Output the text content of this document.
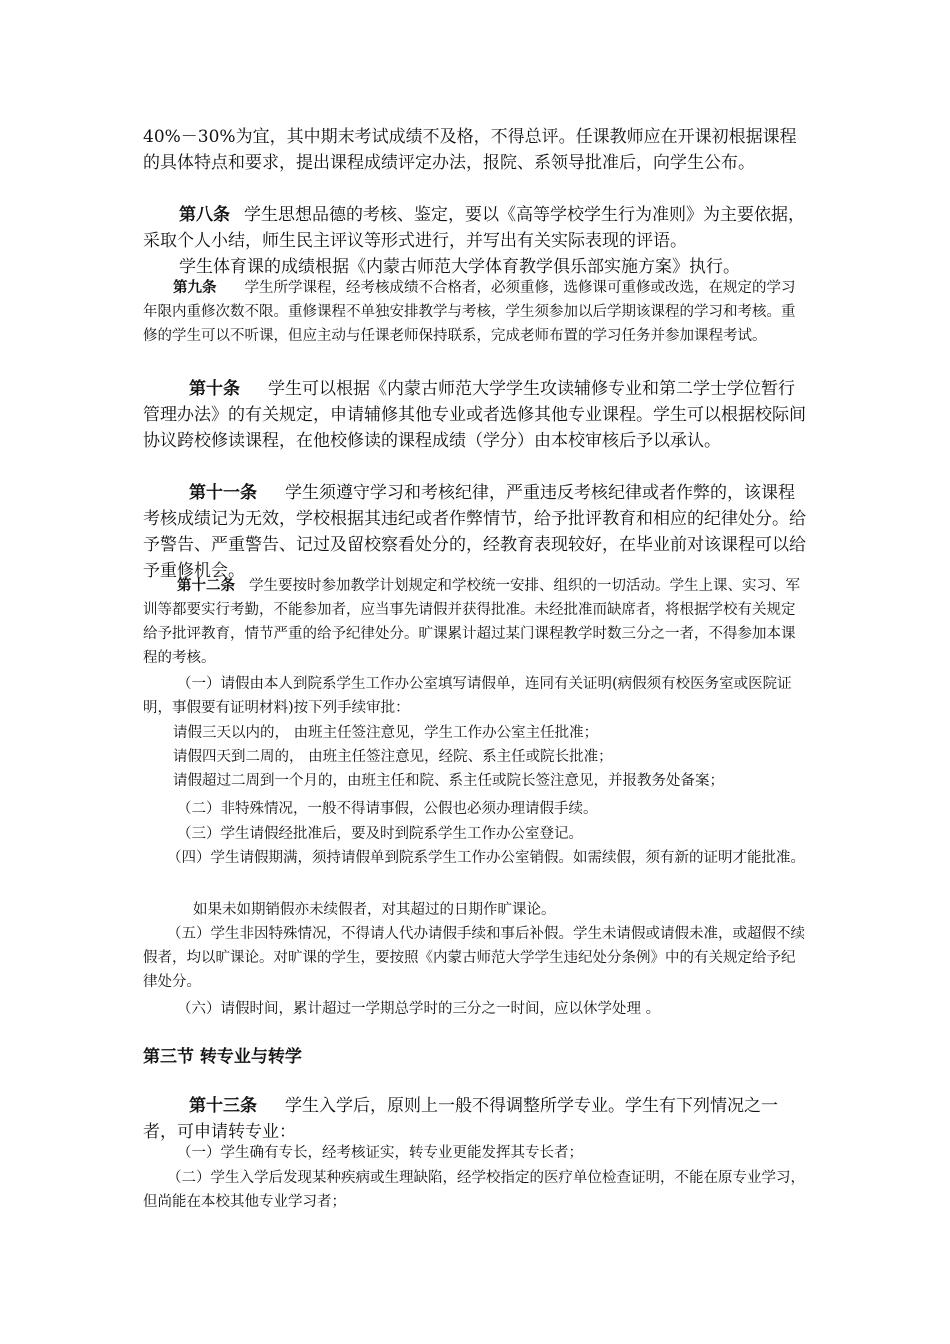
40%－30%为宜，其中期末考试成绩不及格，不得总评。任课教师应在开课初根据课程的具体特点和要求，提出课程成绩评定办法，报院、系领导批准后，向学生公布。

第八条 学生思想品德的考核、鉴定，要以《高等学校学生行为准则》为主要依据，采取个人小结，师生民主评议等形式进行，并写出有关实际表现的评语。

学生体育课的成绩根据《内蒙古师范大学体育教学俱乐部实施方案》执行。

第九条 学生所学课程，经考核成绩不合格者，必须重修，选修课可重修或改选，在规定的学习年限内重修次数不限。重修课程不单独安排教学与考核，学生须参加以后学期该课程的学习和考核。重修的学生可以不听课，但应主动与任课老师保持联系，完成老师布置的学习任务并参加课程考试。

第十条 学生可以根据《内蒙古师范大学学生攻读辅修专业和第二学士学位暂行管理办法》的有关规定，申请辅修其他专业或者选修其他专业课程。学生可以根据校际间协议跨校修读课程，在他校修读的课程成绩（学分）由本校审核后予以承认。

第十一条 学生须遵守学习和考核纪律，严重违反考核纪律或者作弊的，该课程考核成绩记为无效，学校根据其违纪或者作弊情节，给予批评教育和相应的纪律处分。给予警告、严重警告、记过及留校察看处分的，经教育表现较好，在毕业前对该课程可以给予重修机会。

第十二条 学生要按时参加教学计划规定和学校统一安排、组织的一切活动。学生上课、实习、军训等都要实行考勤，不能参加者，应当事先请假并获得批准。未经批准而缺席者，将根据学校有关规定给予批评教育，情节严重的给予纪律处分。旷课累计超过某门课程教学时数三分之一者，不得参加本课程的考核。

（一）请假由本人到院系学生工作办公室填写请假单，连同有关证明(病假须有校医务室或医院证明，事假要有证明材料)按下列手续审批：

请假三天以内的， 由班主任签注意见，学生工作办公室主任批准；

请假四天到二周的， 由班主任签注意见，经院、系主任或院长批准；

请假超过二周到一个月的，由班主任和院、系主任或院长签注意见，并报教务处备案；

（二）非特殊情况，一般不得请事假，公假也必须办理请假手续。

（三）学生请假经批准后，要及时到院系学生工作办公室登记。

（四）学生请假期满，须持请假单到院系学生工作办公室销假。如需续假，须有新的证明才能批准。

如果未如期销假亦未续假者，对其超过的日期作旷课论。

（五）学生非因特殊情况，不得请人代办请假手续和事后补假。学生未请假或请假未准，或超假不续假者，均以旷课论。对旷课的学生，要按照《内蒙古师范大学学生违纪处分条例》中的有关规定给予纪律处分。

（六）请假时间，累计超过一学期总学时的三分之一时间，应以休学处理 。

第三节 转专业与转学

第十三条 学生入学后，原则上一般不得调整所学专业。学生有下列情况之一者，可申请转专业：

（一）学生确有专长，经考核证实，转专业更能发挥其专长者；

（二）学生入学后发现某种疾病或生理缺陷，经学校指定的医疗单位检查证明，不能在原专业学习，但尚能在本校其他专业学习者；
